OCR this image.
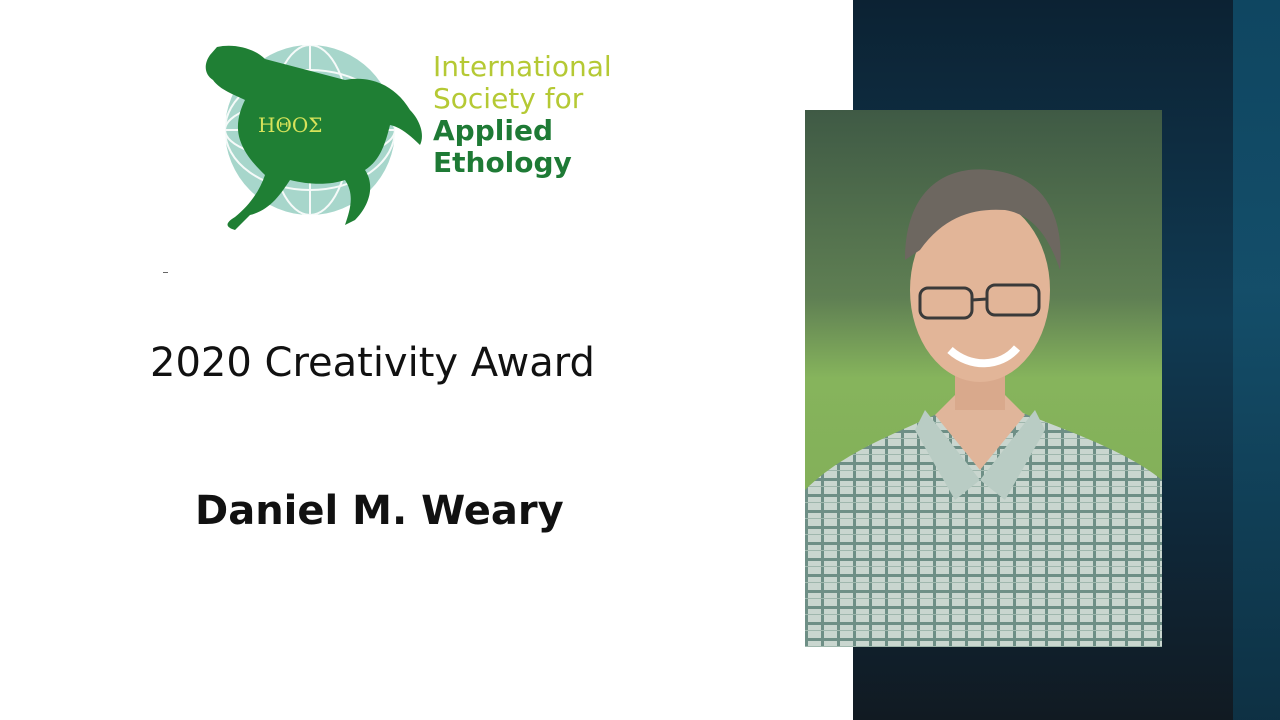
ΗΘΟΣ
International
Society for
Applied
Ethology
2020 Creativity Award
Daniel M. Weary
